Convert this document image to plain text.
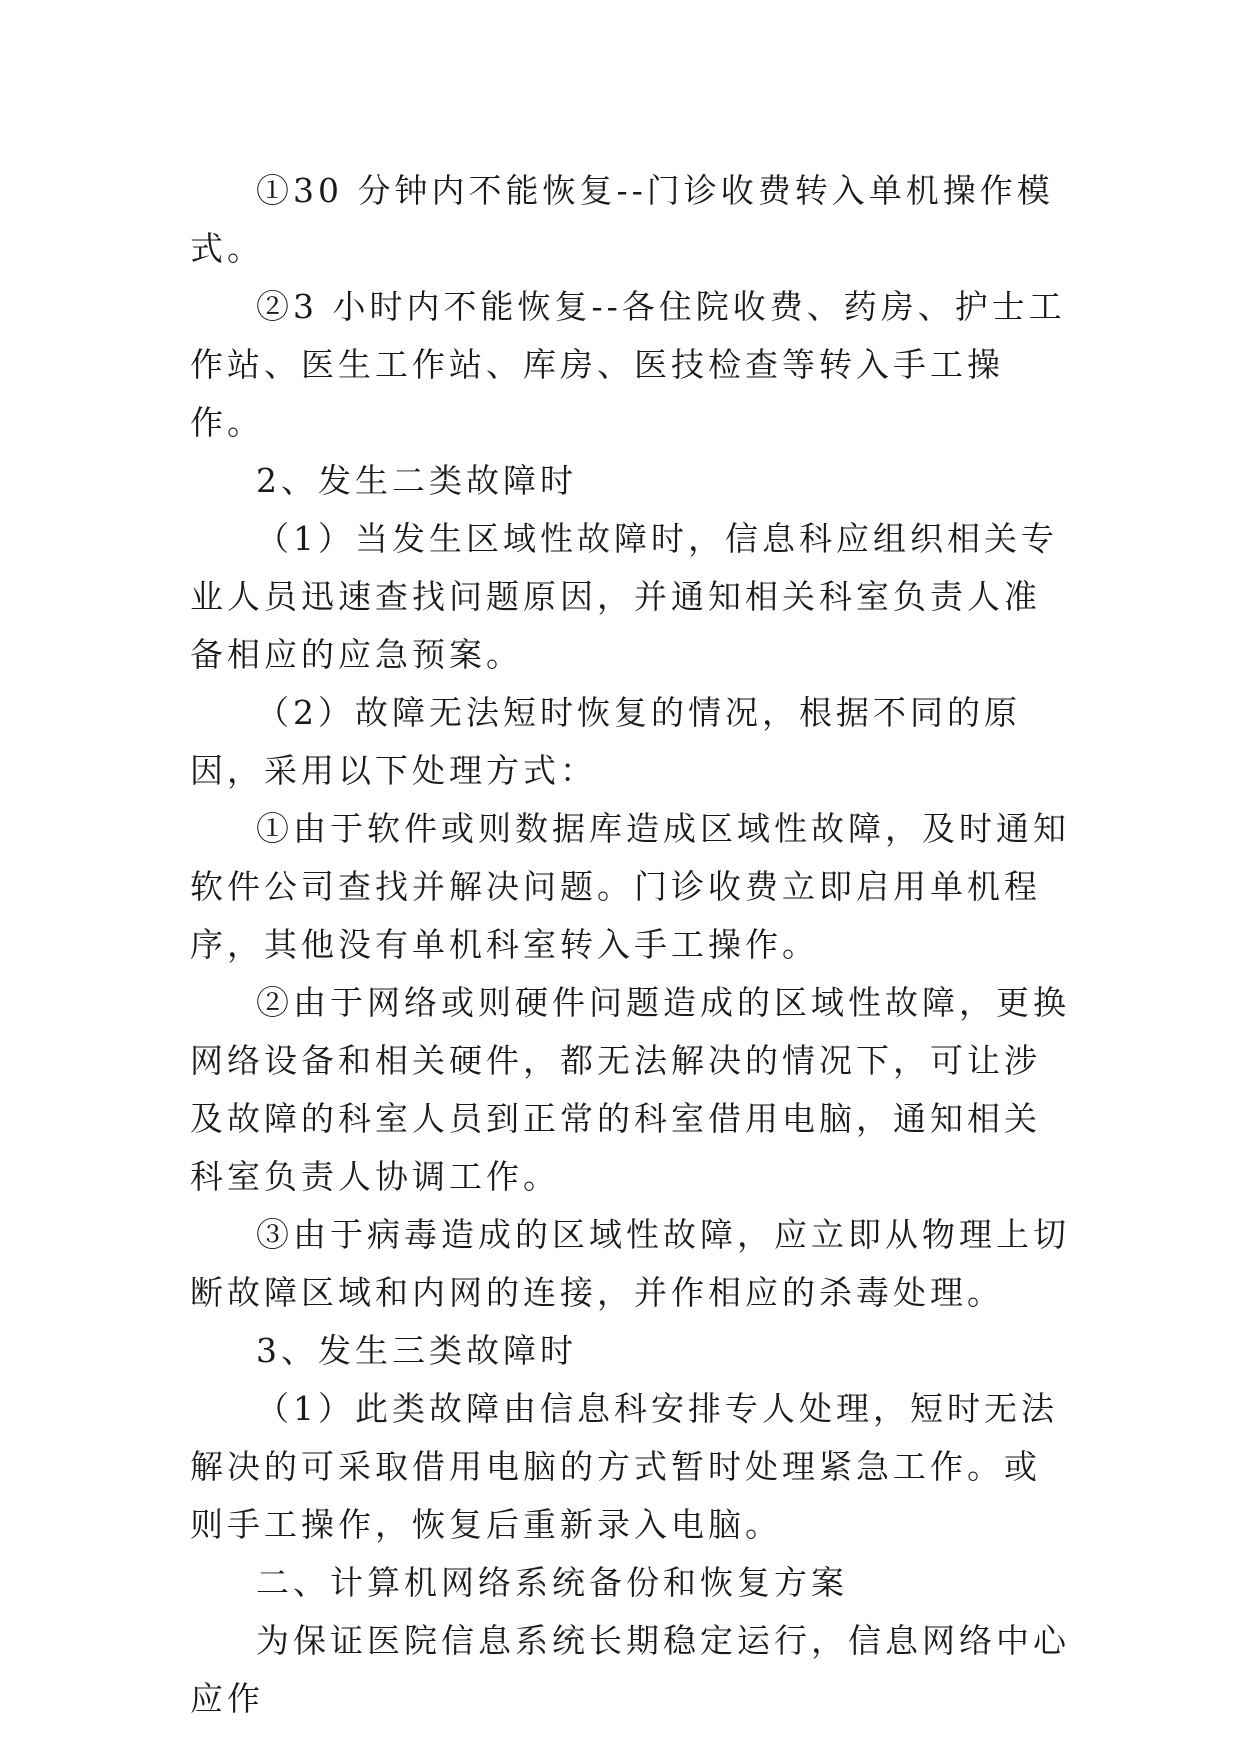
①30 分钟内不能恢复--门诊收费转入单机操作模式。

②3 小时内不能恢复--各住院收费、药房、护士工作站、医生工作站、库房、医技检查等转入手工操作。

2、发生二类故障时

（1）当发生区域性故障时，信息科应组织相关专业人员迅速查找问题原因，并通知相关科室负责人准备相应的应急预案。

（2）故障无法短时恢复的情况，根据不同的原因，采用以下处理方式：

①由于软件或则数据库造成区域性故障，及时通知软件公司查找并解决问题。门诊收费立即启用单机程序，其他没有单机科室转入手工操作。

②由于网络或则硬件问题造成的区域性故障，更换网络设备和相关硬件，都无法解决的情况下，可让涉及故障的科室人员到正常的科室借用电脑，通知相关科室负责人协调工作。

③由于病毒造成的区域性故障，应立即从物理上切断故障区域和内网的连接，并作相应的杀毒处理。

3、发生三类故障时

（1）此类故障由信息科安排专人处理，短时无法解决的可采取借用电脑的方式暂时处理紧急工作。或则手工操作，恢复后重新录入电脑。

二、计算机网络系统备份和恢复方案

为保证医院信息系统长期稳定运行，信息网络中心应作
